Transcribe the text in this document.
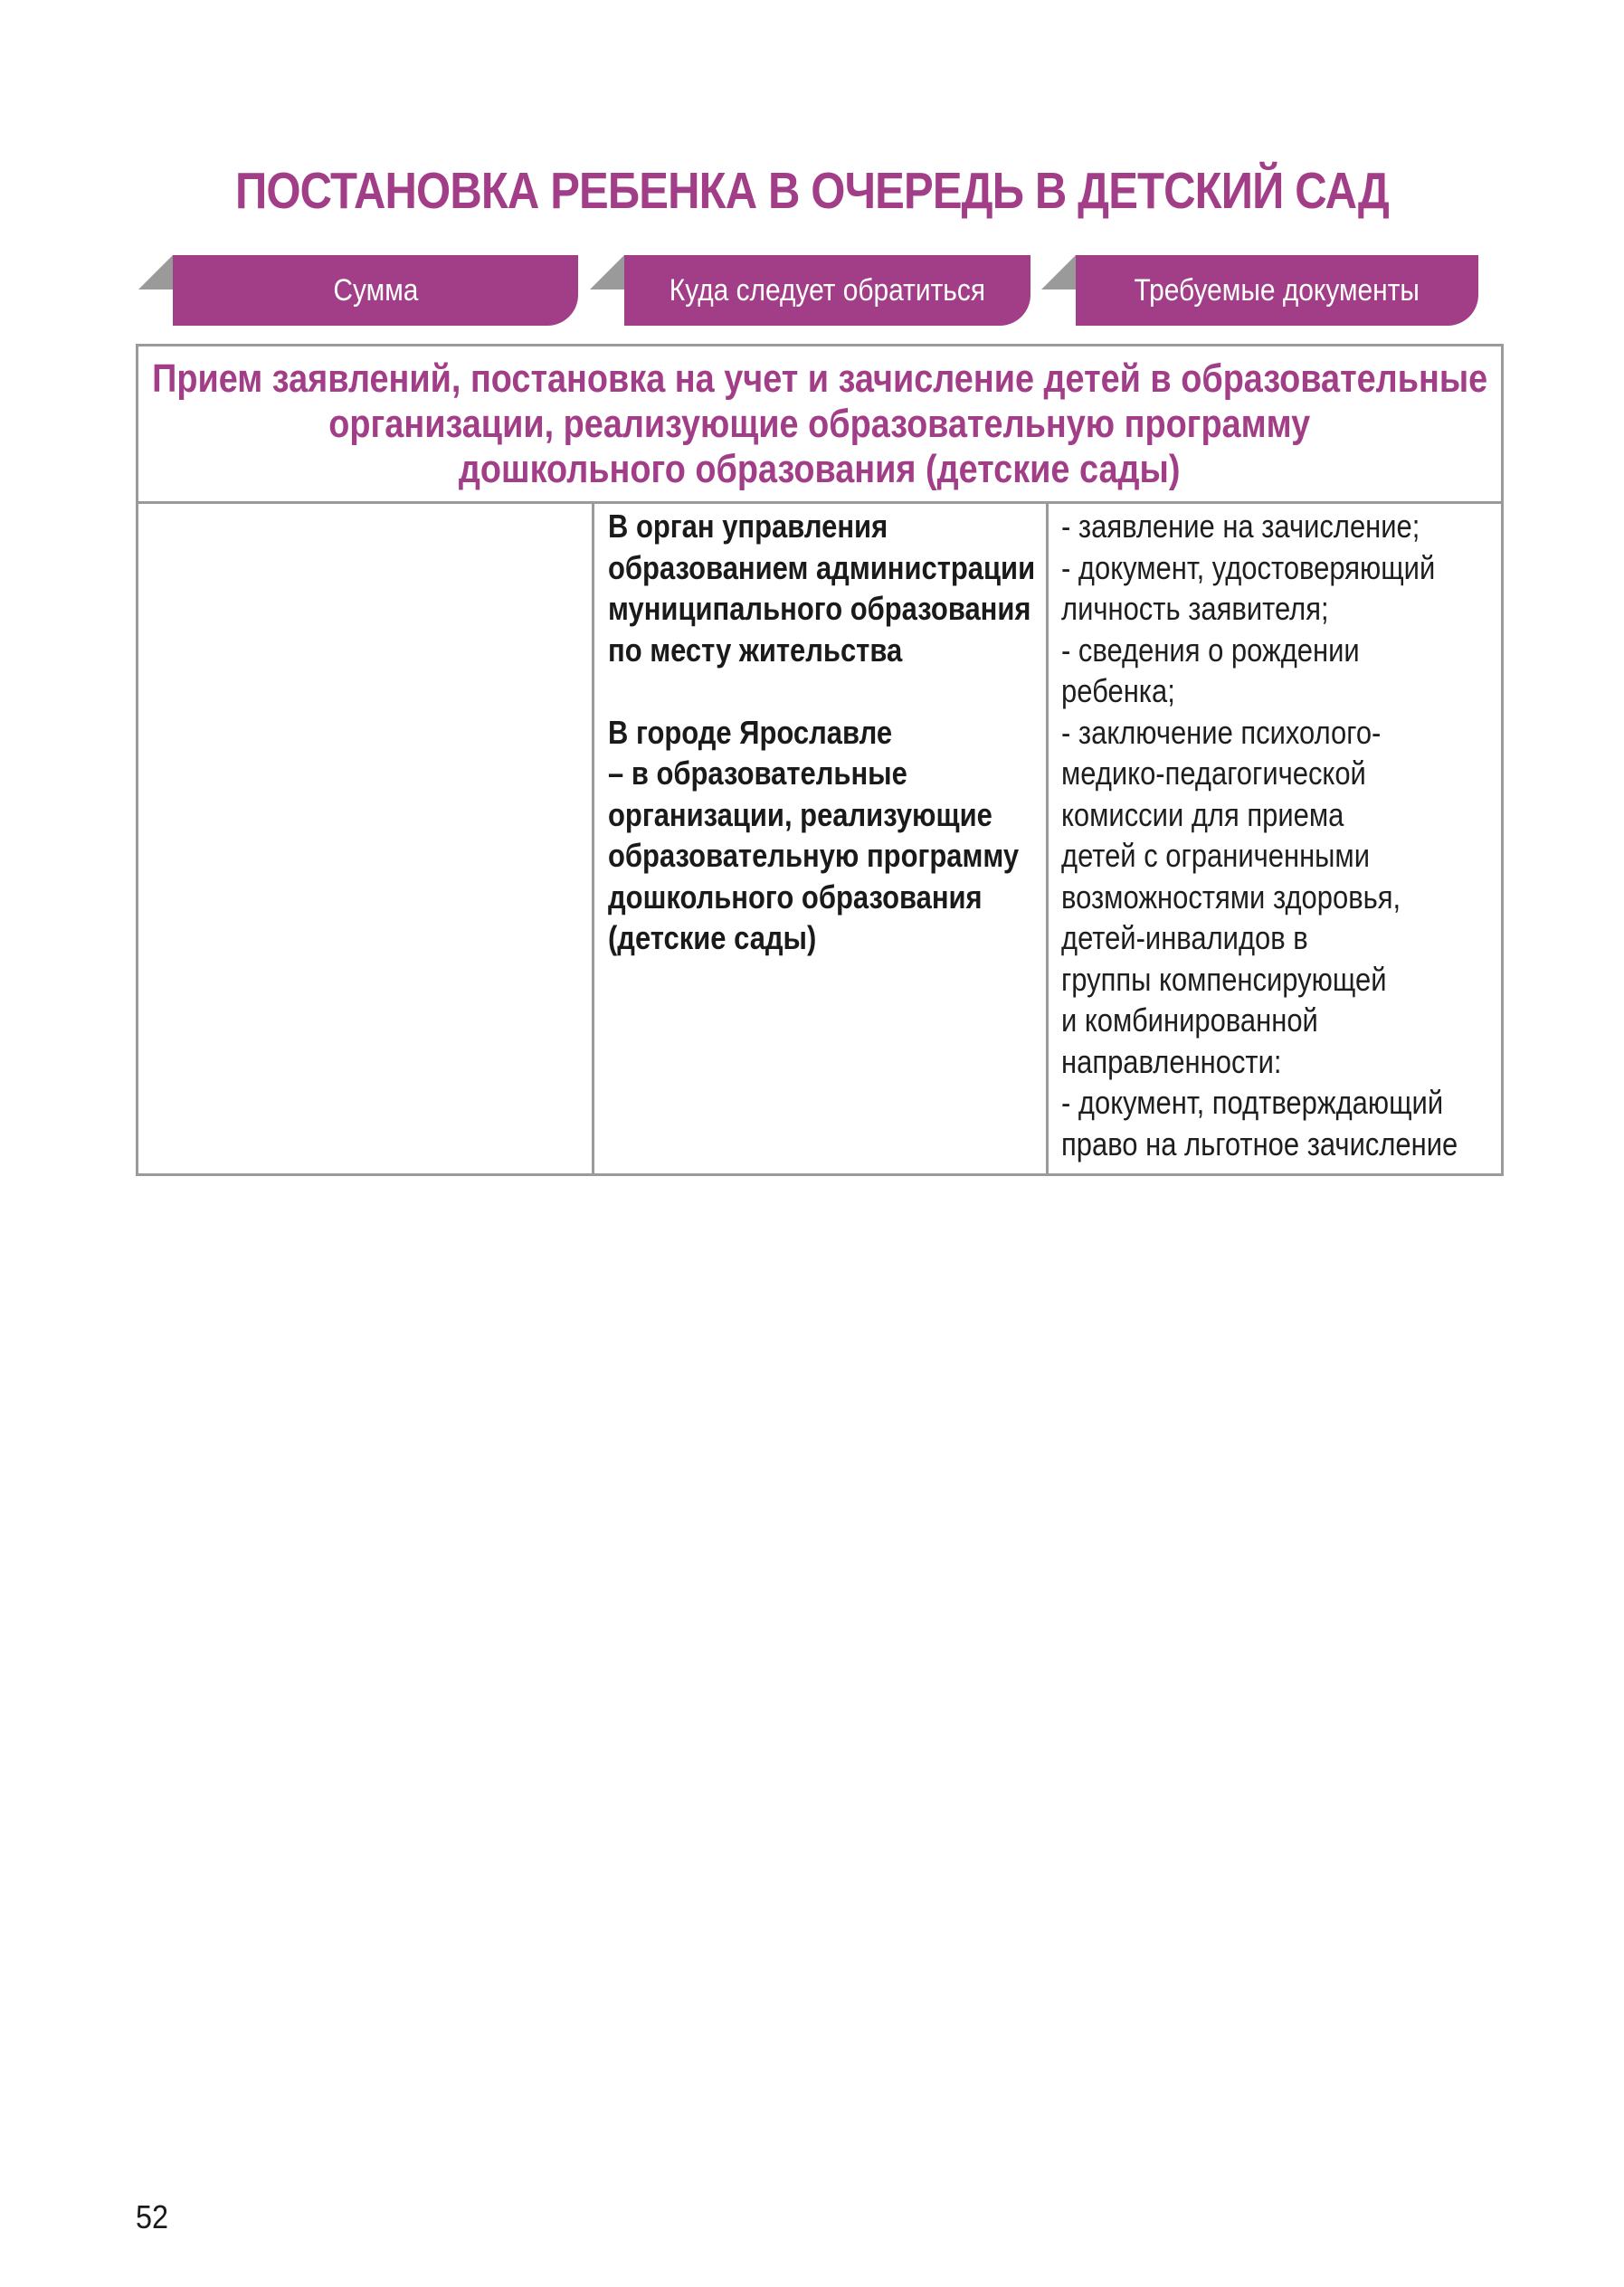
ПОСТАНОВКА РЕБЕНКА В ОЧЕРЕДЬ В ДЕТСКИЙ САД
Сумма	Куда следует обратиться	Требуемые документы
Прием заявлений, постановка на учет и зачисление детей в образовательные
организации, реализующие образовательную программу
дошкольного образования (детские сады)
В орган управления
образованием администрации
муниципального образования
по месту жительства
В городе Ярославле
– в образовательные
организации, реализующие
образовательную программу
дошкольного образования
(детские сады)
- заявление на зачисление;
- документ, удостоверяющий
личность заявителя;
- сведения о рождении
ребенка;
- заключение психолого-
медико-педагогической
комиссии для приема
детей с ограниченными
возможностями здоровья,
детей-инвалидов в
группы компенсирующей
и комбинированной
направленности:
- документ, подтверждающий
право на льготное зачисление
52
